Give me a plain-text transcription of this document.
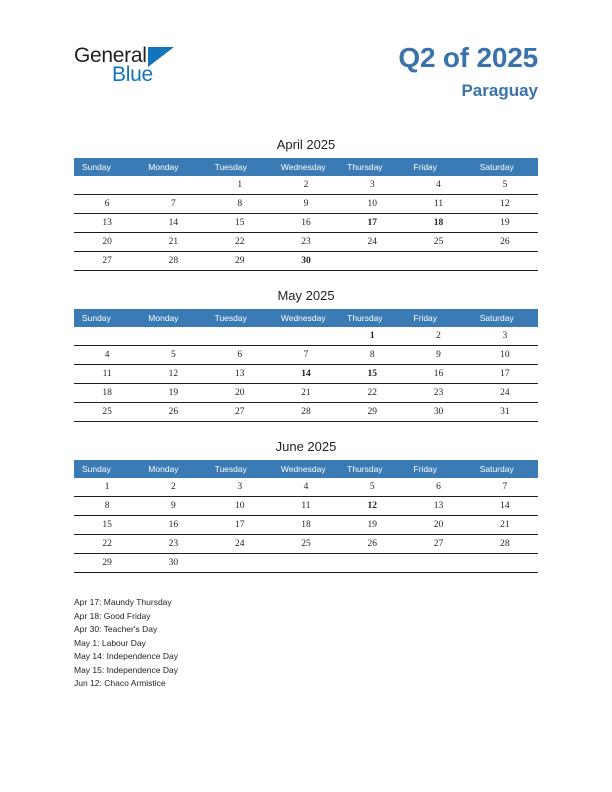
General
Blue
Q2 of 2025
Paraguay
April 2025
Sunday	Monday	Tuesday	Wednesday	Thursday	Friday	Saturday
		1	2	3	4	5
6	7	8	9	10	11	12
13	14	15	16	17	18	19
20	21	22	23	24	25	26
27	28	29	30			
May 2025
Sunday	Monday	Tuesday	Wednesday	Thursday	Friday	Saturday
				1	2	3
4	5	6	7	8	9	10
11	12	13	14	15	16	17
18	19	20	21	22	23	24
25	26	27	28	29	30	31
June 2025
Sunday	Monday	Tuesday	Wednesday	Thursday	Friday	Saturday
1	2	3	4	5	6	7
8	9	10	11	12	13	14
15	16	17	18	19	20	21
22	23	24	25	26	27	28
29	30					
Apr 17: Maundy Thursday
Apr 18: Good Friday
Apr 30: Teacher's Day
May 1: Labour Day
May 14: Independence Day
May 15: Independence Day
Jun 12: Chaco Armistice
